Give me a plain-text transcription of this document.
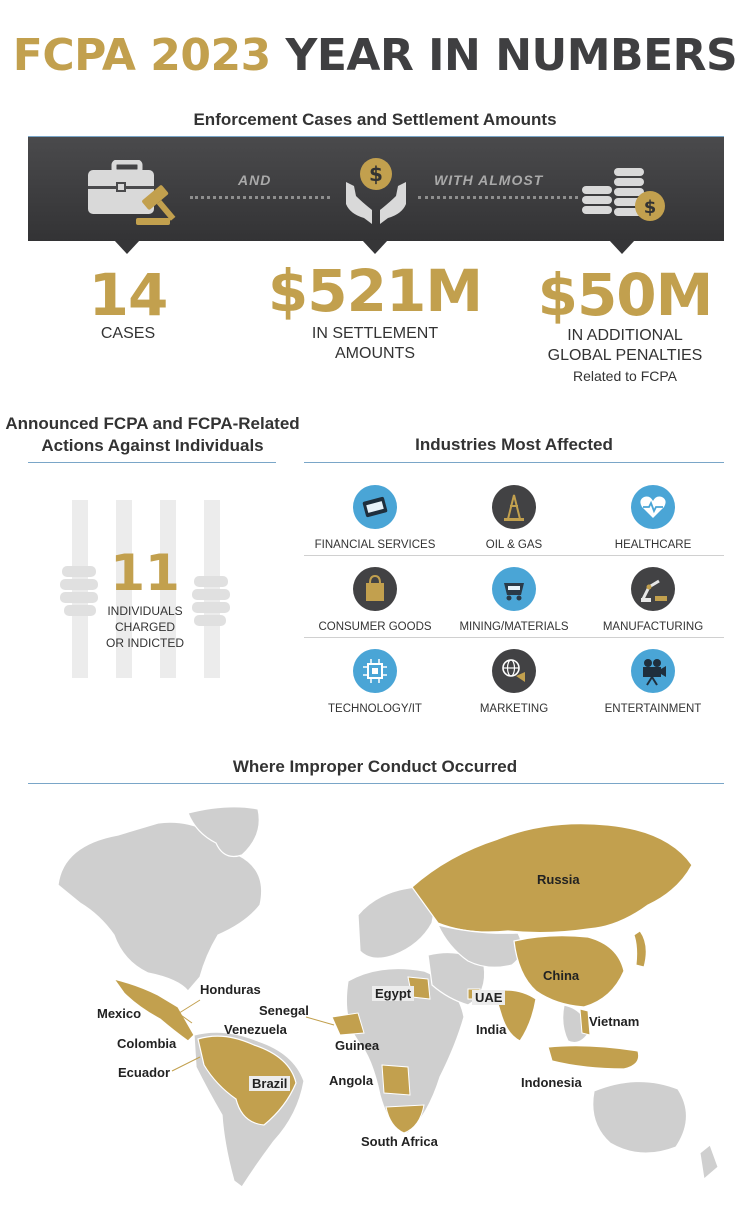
FCPA 2023 YEAR IN NUMBERS
Enforcement Cases and Settlement Amounts
$
$
AND	WITH ALMOST
14
CASES
$521M
IN SETTLEMENT
AMOUNTS
$50M
IN ADDITIONAL
GLOBAL PENALTIES
Related to FCPA
Announced FCPA and FCPA-Related
Actions Against Individuals
11
INDIVIDUALS
CHARGED
OR INDICTED
Industries Most Affected
FINANCIAL SERVICES	OIL & GAS	HEALTHCARE
CONSUMER GOODS	MINING/MATERIALS	MANUFACTURING
TECHNOLOGY/IT	MARKETING	ENTERTAINMENT
Where Improper Conduct Occurred
Russia
China
Egypt	UAE
India
Vietnam
Indonesia
Honduras
Mexico	Senegal
Venezuela
Colombia	Guinea
Ecuador
Brazil	Angola
South Africa
